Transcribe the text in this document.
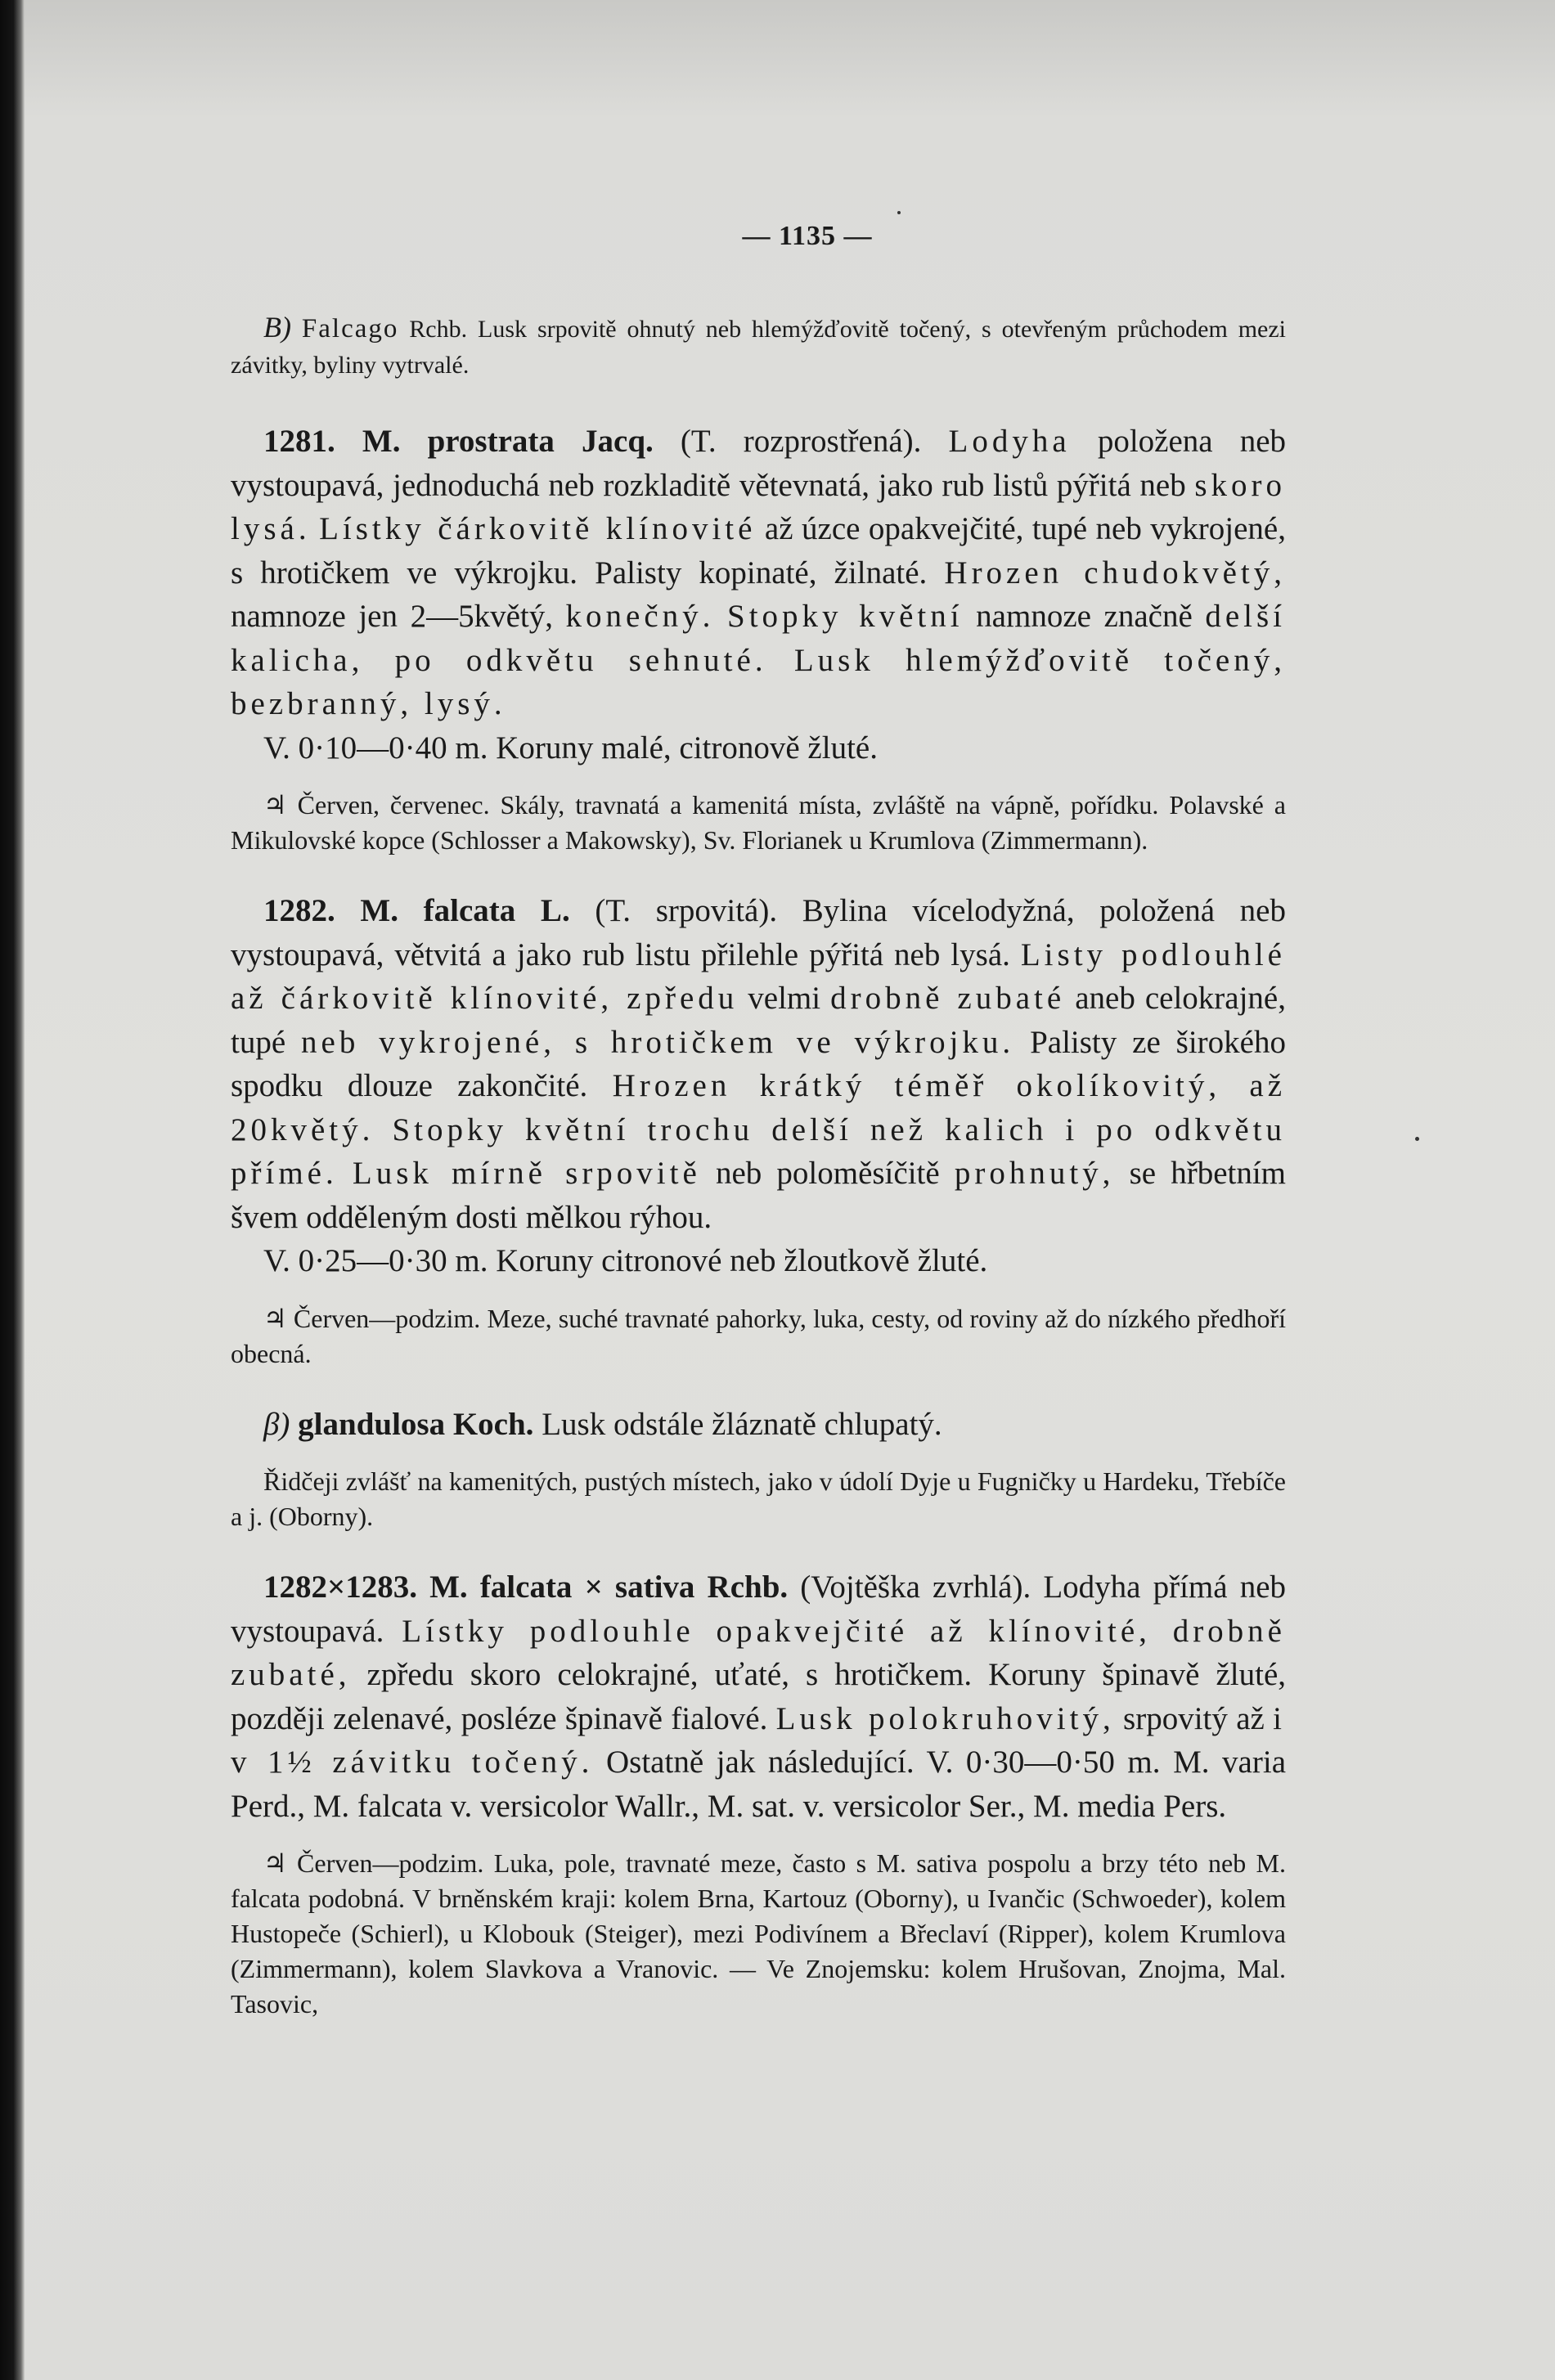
— 1135 —

B) Falcago Rchb. Lusk srpovitě ohnutý neb hlemýžďovitě točený, s otevřeným průchodem mezi závitky, byliny vytrvalé.

1281. M. prostrata Jacq. (T. rozprostřená). Lodyha položena neb vystoupavá, jednoduchá neb rozkladitě větevnatá, jako rub listů pýřitá neb skoro lysá. Lístky čárkovitě klínovité až úzce opakvejčité, tupé neb vykrojené, s hrotičkem ve výkrojku. Palisty kopinaté, žilnaté. Hrozen chudokvětý, namnoze jen 2—5květý, konečný. Stopky květní namnoze značně delší kalicha, po odkvětu sehnuté. Lusk hlemýžďovitě točený, bezbranný, lysý.

V. 0·10—0·40 m. Koruny malé, citronově žluté.

♃ Červen, červenec. Skály, travnatá a kamenitá místa, zvláště na vápně, pořídku. Polavské a Mikulovské kopce (Schlosser a Makowsky), Sv. Florianek u Krumlova (Zimmermann).

1282. M. falcata L. (T. srpovitá). Bylina vícelodyžná, položená neb vystoupavá, větvitá a jako rub listu přilehle pýřitá neb lysá. Listy podlouhlé až čárkovitě klínovité, zpředu velmi drobně zubaté aneb celokrajné, tupé neb vykrojené, s hrotičkem ve výkrojku. Palisty ze širokého spodku dlouze zakončité. Hrozen krátký téměř okolíkovitý, až 20květý. Stopky květní trochu delší než kalich i po odkvětu přímé. Lusk mírně srpovitě neb poloměsíčitě prohnutý, se hřbetním švem odděleným dosti mělkou rýhou.

V. 0·25—0·30 m. Koruny citronové neb žloutkově žluté.

♃ Červen—podzim. Meze, suché travnaté pahorky, luka, cesty, od roviny až do nízkého předhoří obecná.

β) glandulosa Koch. Lusk odstále žláznatě chlupatý.

Řidčeji zvlášť na kamenitých, pustých místech, jako v údolí Dyje u Fugničky u Hardeku, Třebíče a j. (Oborny).

1282×1283. M. falcata × sativa Rchb. (Vojtěška zvrhlá). Lodyha přímá neb vystoupavá. Lístky podlouhle opakvejčité až klínovité, drobně zubaté, zpředu skoro celokrajné, uťaté, s hrotičkem. Koruny špinavě žluté, později zelenavé, posléze špinavě fialové. Lusk polokruhovitý, srpovitý až i v 1½ závitku točený. Ostatně jak následující. V. 0·30—0·50 m. M. varia Perd., M. falcata v. versicolor Wallr., M. sat. v. versicolor Ser., M. media Pers.

♃ Červen—podzim. Luka, pole, travnaté meze, často s M. sativa pospolu a brzy této neb M. falcata podobná. V brněnském kraji: kolem Brna, Kartouz (Oborny), u Ivančic (Schwoeder), kolem Hustopeče (Schierl), u Klobouk (Steiger), mezi Podivínem a Břeclaví (Ripper), kolem Krumlova (Zimmermann), kolem Slavkova a Vranovic. — Ve Znojemsku: kolem Hrušovan, Znojma, Mal. Tasovic,
